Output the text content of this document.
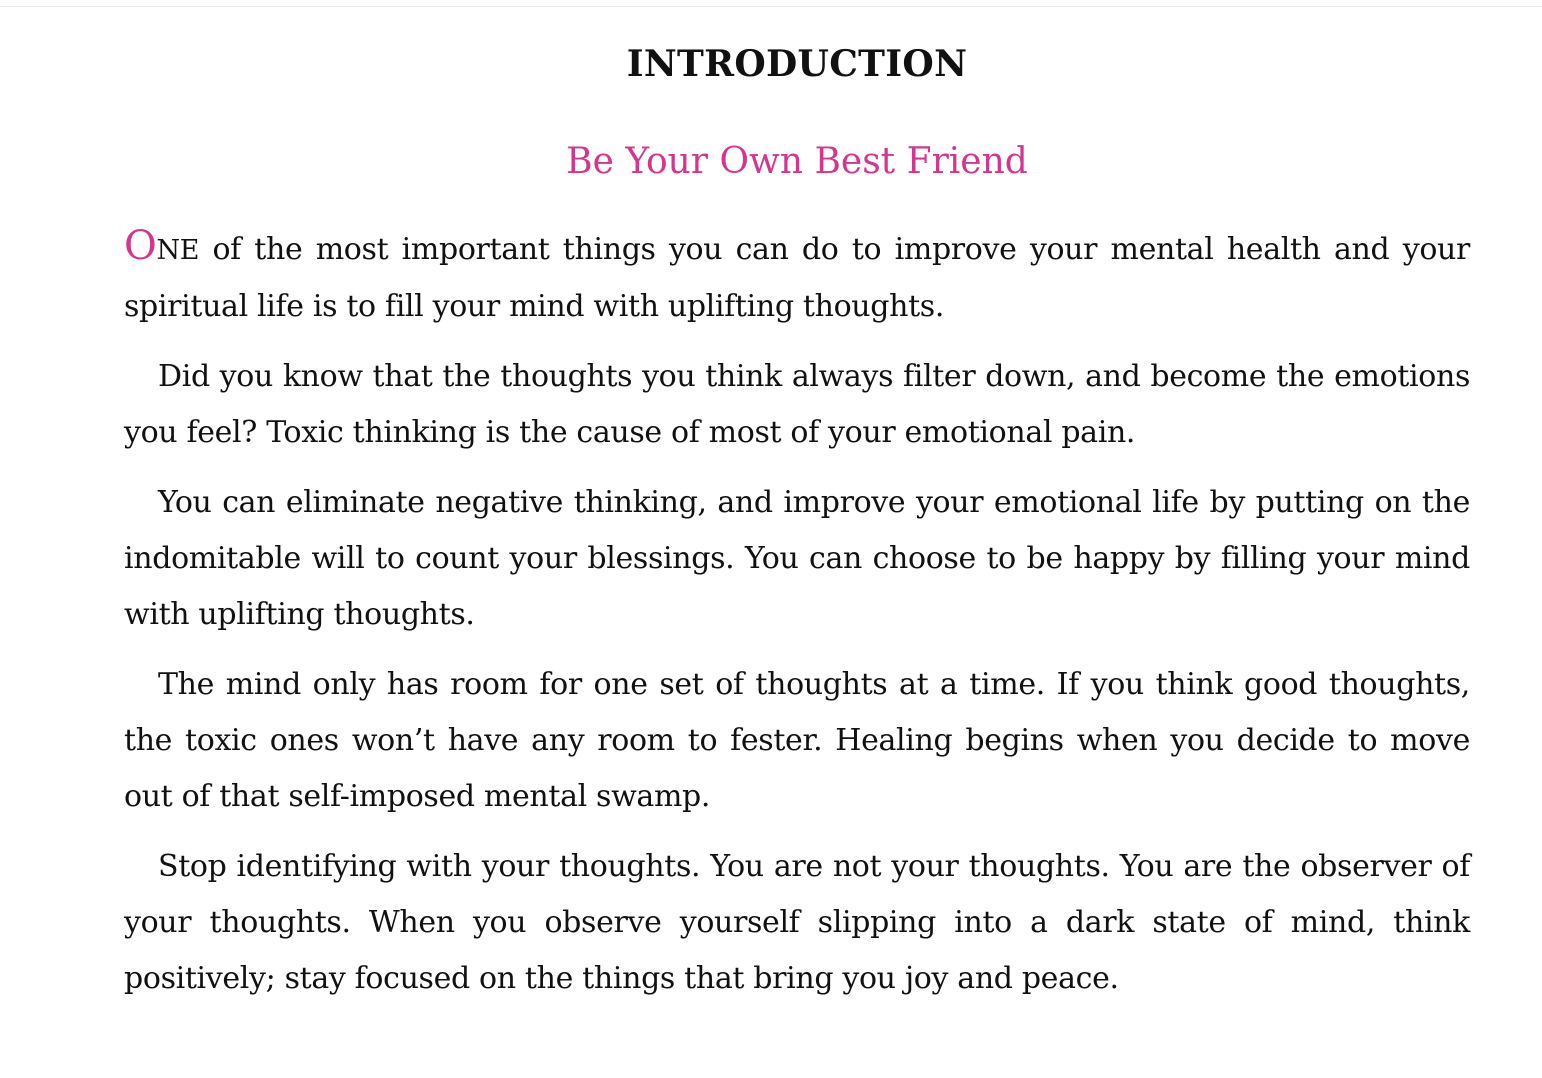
INTRODUCTION
Be Your Own Best Friend

ONE of the most important things you can do to improve your mental health and your spiritual life is to fill your mind with uplifting thoughts.

Did you know that the thoughts you think always filter down, and become the emotions you feel? Toxic thinking is the cause of most of your emotional pain.

You can eliminate negative thinking, and improve your emotional life by putting on the indomitable will to count your blessings. You can choose to be happy by filling your mind with uplifting thoughts.

The mind only has room for one set of thoughts at a time. If you think good thoughts, the toxic ones won’t have any room to fester. Healing begins when you decide to move out of that self-imposed mental swamp.

Stop identifying with your thoughts. You are not your thoughts. You are the observer of your thoughts. When you observe yourself slipping into a dark state of mind, think positively; stay focused on the things that bring you joy and peace.
